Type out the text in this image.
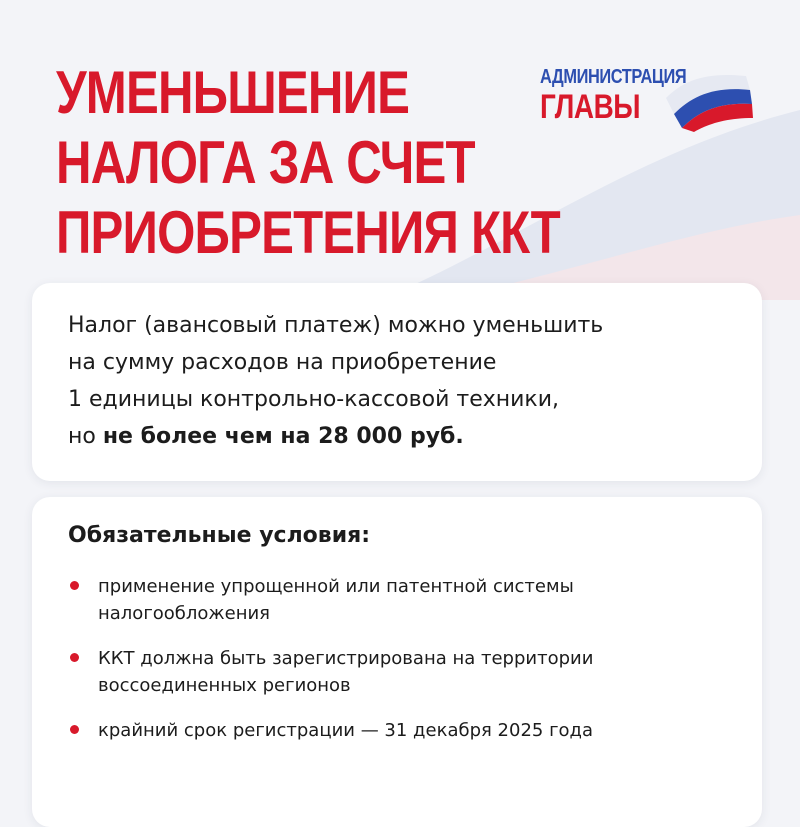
УМЕНЬШЕНИЕ
НАЛОГА ЗА СЧЕТ
ПРИОБРЕТЕНИЯ ККТ
АДМИНИСТРАЦИЯ
ГЛАВЫ

Налог (авансовый платеж) можно уменьшить
на сумму расходов на приобретение
1 единицы контрольно-кассовой техники,
но не более чем на 28 000 руб.

Обязательные условия:
применение упрощенной или патентной системы
налогообложения
ККТ должна быть зарегистрирована на территории
воссоединенных регионов
крайний срок регистрации — 31 декабря 2025 года
